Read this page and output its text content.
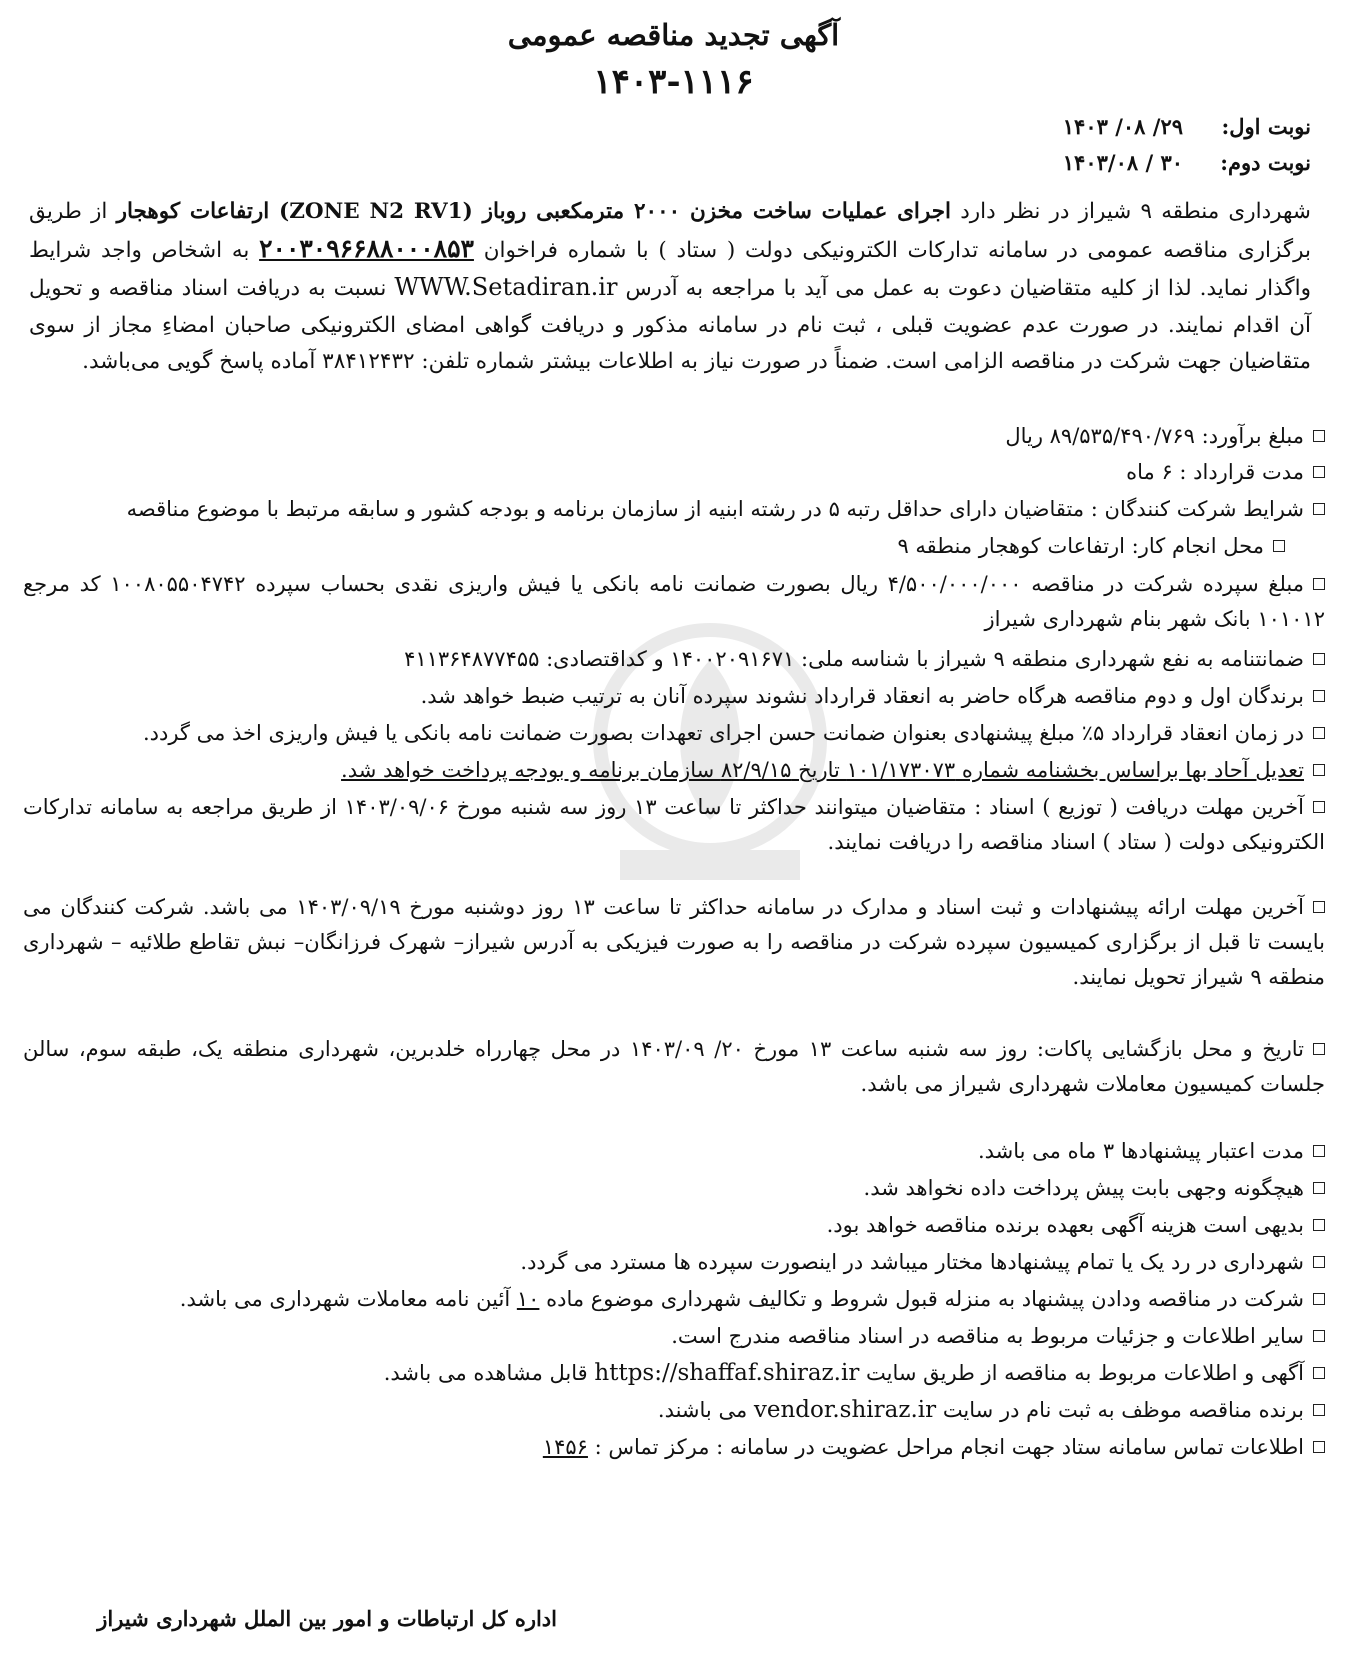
آگهی تجدید مناقصه عمومی
۱۴۰۳-۱۱۱۶
نوبت اول:۲۹/ ۰۸/ ۱۴۰۳
نوبت دوم:۳۰ / ۱۴۰۳/۰۸
شهرداری منطقه ۹ شیراز در نظر دارد اجرای عملیات ساخت مخزن ۲۰۰۰ مترمکعبی روباز (ZONE N2 RV1) ارتفاعات کوهجار از طریق برگزاری مناقصه عمومی در سامانه تدارکات الکترونیکی دولت ( ستاد ) با شماره فراخوان ۲۰۰۳۰۹۶۶۸۸۰۰۰۸۵۳ به اشخاص واجد شرایط واگذار نماید. لذا از کلیه متقاضیان دعوت به عمل می آید با مراجعه به آدرس WWW.Setadiran.ir نسبت به دریافت اسناد مناقصه و تحویل آن اقدام نمایند. در صورت عدم عضویت قبلی ، ثبت نام در سامانه مذکور و دریافت گواهی امضای الکترونیکی صاحبان امضاءِ مجاز از سوی متقاضیان جهت شرکت در مناقصه الزامی است. ضمناً در صورت نیاز به اطلاعات بیشتر شماره تلفن: ۳۸۴۱۲۴۳۲ آماده پاسخ گویی می‌باشد.
مبلغ برآورد: ۸۹/۵۳۵/۴۹۰/۷۶۹ ریال
مدت قرارداد : ۶ ماه
شرایط شرکت کنندگان : متقاضیان دارای حداقل رتبه ۵ در رشته ابنیه از سازمان برنامه و بودجه کشور و سابقه مرتبط با موضوع مناقصه
محل انجام کار: ارتفاعات کوهجار منطقه ۹
مبلغ سپرده شرکت در مناقصه ۴/۵۰۰/۰۰۰/۰۰۰ ریال بصورت ضمانت نامه بانکی یا فیش واریزی نقدی بحساب سپرده ۱۰۰۸۰۵۵۰۴۷۴۲ کد مرجع ۱۰۱۰۱۲ بانک شهر بنام شهرداری شیراز
ضمانتنامه به نفع شهرداری منطقه ۹ شیراز با شناسه ملی: ۱۴۰۰۲۰۹۱۶۷۱ و کداقتصادی: ۴۱۱۳۶۴۸۷۷۴۵۵
برندگان اول و دوم مناقصه هرگاه حاضر به انعقاد قرارداد نشوند سپرده آنان به ترتیب ضبط خواهد شد.
در زمان انعقاد قرارداد ۵٪ مبلغ پیشنهادی بعنوان ضمانت حسن اجرای تعهدات بصورت ضمانت نامه بانکی یا فیش واریزی اخذ می گردد.
تعدیل آحاد بها براساس بخشنامه شماره ۱۰۱/۱۷۳۰۷۳ تاریخ ۸۲/۹/۱۵ سازمان برنامه و بودجه پرداخت خواهد شد.
آخرین مهلت دریافت ( توزیع ) اسناد : متقاضیان میتوانند حداکثر تا ساعت ۱۳ روز سه شنبه مورخ ۱۴۰۳/۰۹/۰۶ از طریق مراجعه به سامانه تدارکات الکترونیکی دولت ( ستاد ) اسناد مناقصه را دریافت نمایند.
آخرین مهلت ارائه پیشنهادات و ثبت اسناد و مدارک در سامانه حداکثر تا ساعت ۱۳ روز دوشنبه مورخ ۱۴۰۳/۰۹/۱۹ می باشد. شرکت کنندگان می بایست تا قبل از برگزاری کمیسیون سپرده شرکت در مناقصه را به صورت فیزیکی به آدرس شیراز– شهرک فرزانگان– نبش تقاطع طلائیه – شهرداری منطقه ۹ شیراز تحویل نمایند.
تاریخ و محل بازگشایی پاکات: روز سه شنبه ساعت ۱۳ مورخ ۲۰/ ۱۴۰۳/۰۹ در محل چهارراه خلدبرین، شهرداری منطقه یک، طبقه سوم، سالن جلسات کمیسیون معاملات شهرداری شیراز می باشد.
مدت اعتبار پیشنهادها ۳ ماه می باشد.
هیچگونه وجهی بابت پیش پرداخت داده نخواهد شد.
بدیهی است هزینه آگهی بعهده برنده مناقصه خواهد بود.
شهرداری در رد یک یا تمام پیشنهادها مختار میباشد در اینصورت سپرده ها مسترد می گردد.
شرکت در مناقصه ودادن پیشنهاد به منزله قبول شروط و تکالیف شهرداری موضوع ماده ۱۰ آئین نامه معاملات شهرداری می باشد.
سایر اطلاعات و جزئیات مربوط به مناقصه در اسناد مناقصه مندرج است.
آگهی و اطلاعات مربوط به مناقصه از طریق سایت https://shaffaf.shiraz.ir قابل مشاهده می باشد.
برنده مناقصه موظف به ثبت نام در سایت vendor.shiraz.ir می باشند.
اطلاعات تماس سامانه ستاد جهت انجام مراحل عضویت در سامانه : مرکز تماس : ۱۴۵۶
اداره کل ارتباطات و امور بین الملل شهرداری شیراز
